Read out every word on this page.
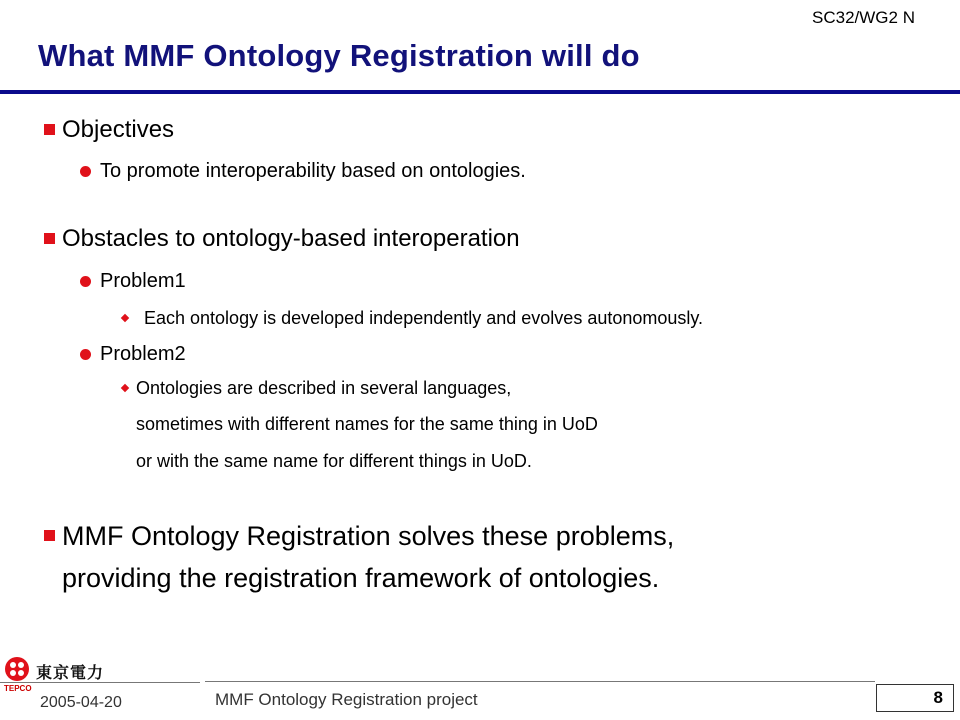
SC32/WG2 N
What MMF Ontology Registration will do
Objectives
To promote interoperability based on ontologies.
Obstacles to ontology-based interoperation
Problem1
Each ontology is developed independently and evolves autonomously.
Problem2
Ontologies are described in several languages,
sometimes with different names for the same thing in UoD
or with the same name for different things in UoD.
MMF Ontology Registration solves these problems,
providing the registration framework of ontologies.
東京電力
TEPCO
2005-04-20	MMF Ontology Registration project	8
